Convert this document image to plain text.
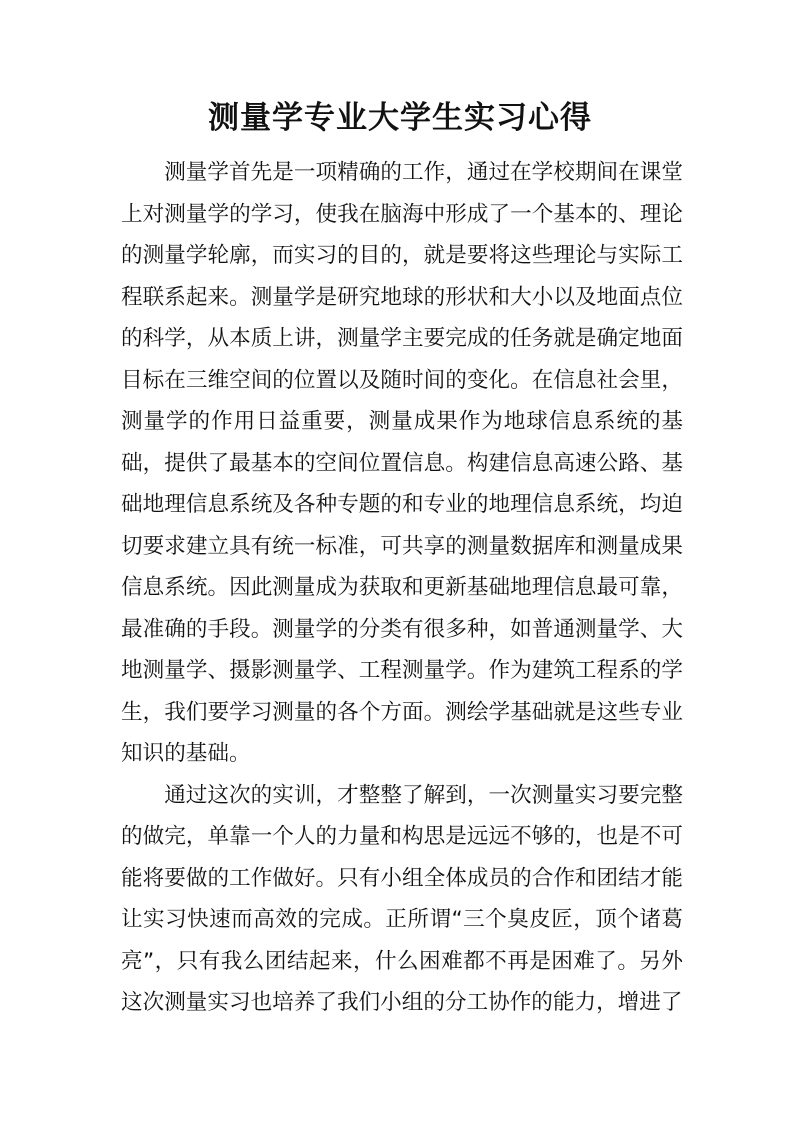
测量学专业大学生实习心得

测量学首先是一项精确的工作，通过在学校期间在课堂上对测量学的学习，使我在脑海中形成了一个基本的、理论的测量学轮廓，而实习的目的，就是要将这些理论与实际工程联系起来。测量学是研究地球的形状和大小以及地面点位的科学，从本质上讲，测量学主要完成的任务就是确定地面目标在三维空间的位置以及随时间的变化。在信息社会里，测量学的作用日益重要，测量成果作为地球信息系统的基础，提供了最基本的空间位置信息。构建信息高速公路、基础地理信息系统及各种专题的和专业的地理信息系统，均迫切要求建立具有统一标准，可共享的测量数据库和测量成果信息系统。因此测量成为获取和更新基础地理信息最可靠，最准确的手段。测量学的分类有很多种，如普通测量学、大地测量学、摄影测量学、工程测量学。作为建筑工程系的学生，我们要学习测量的各个方面。测绘学基础就是这些专业知识的基础。

通过这次的实训，才整整了解到，一次测量实习要完整的做完，单靠一个人的力量和构思是远远不够的，也是不可能将要做的工作做好。只有小组全体成员的合作和团结才能让实习快速而高效的完成。正所谓“三个臭皮匠，顶个诸葛亮”，只有我么团结起来，什么困难都不再是困难了。另外这次测量实习也培养了我们小组的分工协作的能力，增进了
